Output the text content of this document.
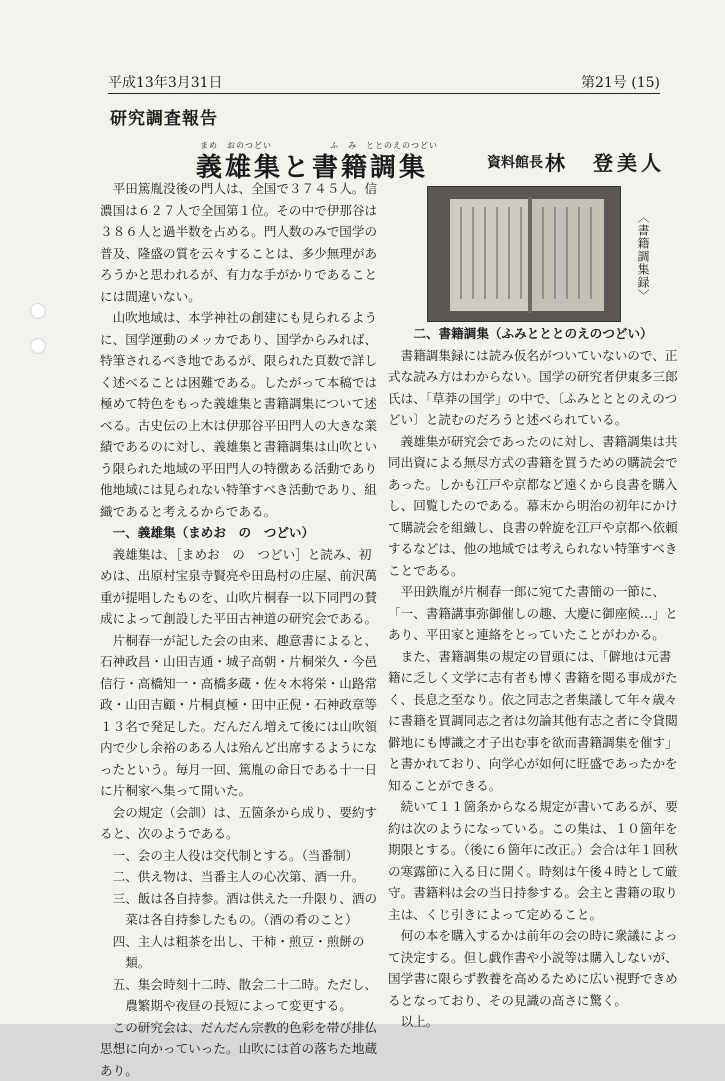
平成13年3月31日	第21号 (15)
研究調査報告
まめ　おのつどい	ふ　み　ととのえのつどい
義雄集と書籍調集	資料館長 林　登美人
〈書籍調集録〉

平田篤胤没後の門人は、全国で３７４５人。信濃国は６２７人で全国第１位。その中で伊那谷は３８６人と過半数を占める。門人数のみで国学の普及、隆盛の質を云々することは、多少無理があろうかと思われるが、有力な手がかりであることには間違いない。

山吹地域は、本学神社の創建にも見られるように、国学運動のメッカであり、国学からみれば、特筆されるべき地であるが、限られた頁数で詳しく述べることは困難である。したがって本稿では極めて特色をもった義雄集と書籍調集について述べる。古史伝の上木は伊那谷平田門人の大きな業績であるのに対し、義雄集と書籍調集は山吹という限られた地域の平田門人の特徴ある活動であり他地域には見られない特筆すべき活動であり、組織であると考えるからである。

一、義雄集（まめお　の　つどい）

義雄集は、［まめお　の　つどい］と読み、初めは、出原村宝泉寺賢亮や田島村の庄屋、前沢萬重が提唱したものを、山吹片桐春一以下同門の賛成によって創設した平田古神道の研究会である。

片桐春一が記した会の由来、趣意書によると、石神政昌・山田吉通・城子高朝・片桐栄久・今邑信行・高橋知一・高橋多蔵・佐々木将栄・山路常政・山田吉顧・片桐貞極・田中正倪・石神政章等１３名で発足した。だんだん増えて後には山吹領内で少し余裕のある人は殆んど出席するようになったという。毎月一回、篤胤の命日である十一日に片桐家へ集って開いた。

会の規定（会訓）は、五箇条から成り、要約すると、次のようである。

一、会の主人役は交代制とする。（当番制）
二、供え物は、当番主人の心次第、酒一升。
三、飯は各自持参。酒は供えた一升限り、酒の菜は各自持参したもの。（酒の肴のこと）
四、主人は粗茶を出し、干柿・煎豆・煎餅の類。
五、集会時刻十二時、散会二十二時。ただし、農繁期や夜昼の長短によって変更する。

この研究会は、だんだん宗教的色彩を帯び排仏思想に向かっていった。山吹には首の落ちた地蔵あり。

二、書籍調集（ふみとととのえのつどい）

書籍調集録には読み仮名がついていないので、正式な読み方はわからない。国学の研究者伊東多三郎氏は、「草莽の国学」の中で、〔ふみとととのえのつどい〕と読むのだろうと述べられている。

義雄集が研究会であったのに対し、書籍調集は共同出資による無尽方式の書籍を買うための購読会であった。しかも江戸や京都など遠くから良書を購入し、回覧したのである。幕末から明治の初年にかけて購読会を組織し、良書の幹旋を江戸や京都へ依頼するなどは、他の地域では考えられない特筆すべきことである。

平田鉄胤が片桐春一郎に宛てた書簡の一節に、「一、書籍講事弥御催しの趣、大慶に御座候…」とあり、平田家と連絡をとっていたことがわかる。

また、書籍調集の規定の冒頭には、「僻地は元書籍に乏しく文学に志有者も博く書籍を閲る事成がたく、長息之至なり。依之同志之者集議して年々歳々に書籍を買調同志之者は勿論其他有志之者に令貸閲僻地にも博識之才子出む事を欲而書籍調集を催す」と書かれており、向学心が如何に旺盛であったかを知ることができる。

続いて１１箇条からなる規定が書いてあるが、要約は次のようになっている。この集は、１０箇年を期限とする。（後に６箇年に改正。）会合は年１回秋の寒露節に入る日に開く。時刻は午後４時として厳守。書籍料は会の当日持参する。会主と書籍の取り主は、くじ引きによって定めること。

何の本を購入するかは前年の会の時に衆議によって決定する。但し戯作書や小説等は購入しないが、国学書に限らず教養を高めるために広い視野できめるとなっており、その見識の高さに驚く。

以上。
